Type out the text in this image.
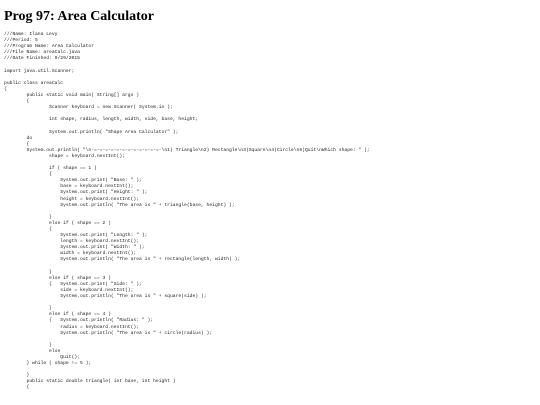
Prog 97: Area Calculator
///Name: Ilana Levy
///Period: 5
///Program Name: Area Calculator
///File Name: areaCalc.java
///Date Finished: 9/29/2015
import java.util.Scanner;
public class areaCalc
{
	public static void main( String[] args )
	{
		Scanner keyboard = new Scanner( System.in );
		int shape, radius, length, width, side, base, height;
		System.out.println( "Shape Area Calculator" );
	do
	{
	System.out.println( "\n-=-=-=-=-=-=-=-=-=-=-=-=-\n1) Triangle\n2) Rectangle\n3)Square\n4)Circle\n5)Quit\nWhich shape: " );
		shape = keyboard.nextInt();
		if ( shape == 1 )
		{
		System.out.print( "Base: " );
		base = keyboard.nextInt();
		System.out.print( "Height: " );
		height = keyboard.nextInt();
		System.out.println( "The area is " + triangle(base, height) );
		}
		else if ( shape == 2 )
		{
		System.out.print( "Length: " );
		length = keyboard.nextInt();
		System.out.print( "Width: " );
		width = keyboard.nextInt();
		System.out.println( "The area is " + rectangle(length, width) );
		}
		else if ( shape == 3 )
		{   System.out.print( "Side: " );
		side = keyboard.nextInt();
		System.out.println( "The area is " + square(side) );
		}
		else if ( shape == 4 )
		{   System.out.println( "Radius: " );
		radius = keyboard.nextInt();
		System.out.println( "The area is " + circle(radius) );
		}
		else
		Quit();
	} while ( shape != 5 );
	}
	public static double triangle( int base, int height )
	{
